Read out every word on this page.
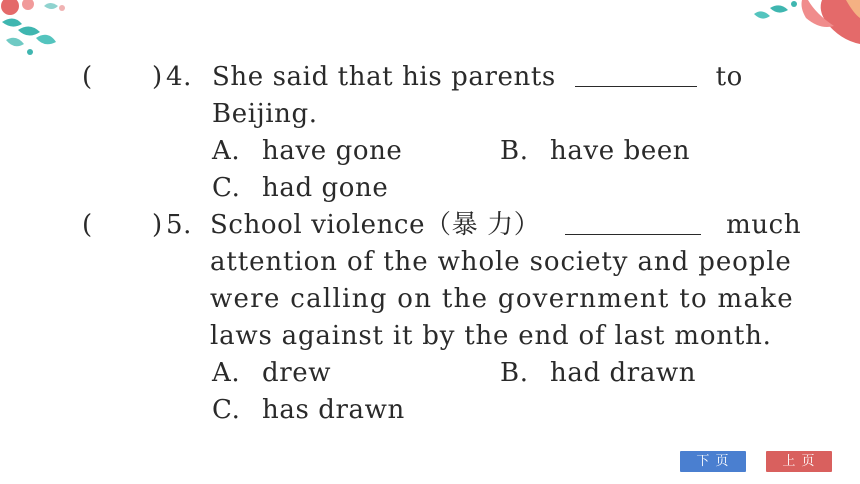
( ) 4. She said that his parents	to
Beijing.
A. have gone	B. have been
C. had gone
( ) 5. School violence（暴 力）	much
attention of the whole society and people
were calling on the government to make
laws against it by the end of last month.
A. drew	B. had drawn
C. has drawn
下 页	上 页
